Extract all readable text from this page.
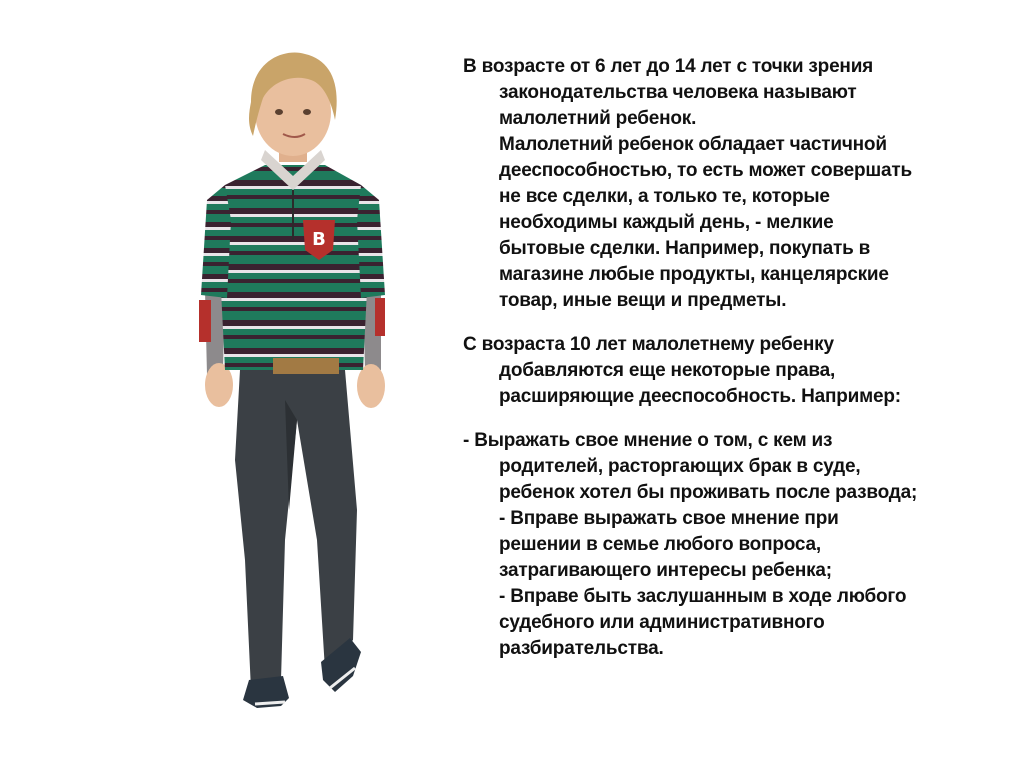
B

В возрасте от 6 лет до 14 лет с точки зрения
законодательства человека называют
малолетний ребенок.
Малолетний ребенок обладает частичной
дееспособностью, то есть может совершать
не все сделки, а только те, которые
необходимы каждый день, - мелкие
бытовые сделки. Например, покупать в
магазине любые продукты, канцелярские
товар, иные вещи и предметы.

С возраста 10 лет малолетнему ребенку
добавляются еще некоторые права,
расширяющие дееспособность. Например:

- Выражать свое мнение о том, с кем из
родителей, расторгающих брак в суде,
ребенок хотел бы проживать после развода;
- Вправе выражать свое мнение при
решении в семье любого вопроса,
затрагивающего интересы ребенка;
- Вправе быть заслушанным в ходе любого
судебного или административного
разбирательства.
